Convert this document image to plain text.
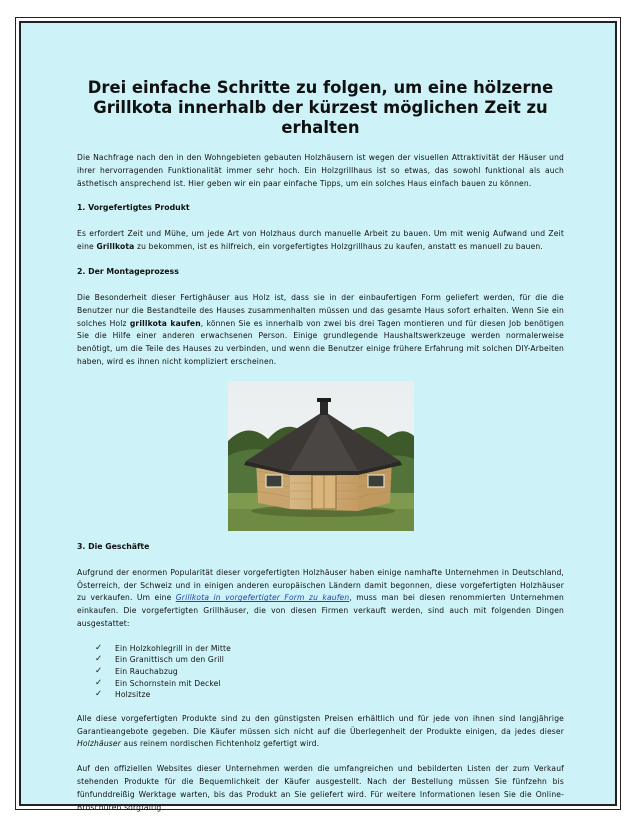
Drei einfache Schritte zu folgen, um eine hölzerne Grillkota innerhalb der kürzest möglichen Zeit zu erhalten

Die Nachfrage nach den in den Wohngebieten gebauten Holzhäusern ist wegen der visuellen Attraktivität der Häuser und ihrer hervorragenden Funktionalität immer sehr hoch. Ein Holzgrillhaus ist so etwas, das sowohl funktional als auch ästhetisch ansprechend ist. Hier geben wir ein paar einfache Tipps, um ein solches Haus einfach bauen zu können.

1. Vorgefertigtes Produkt

Es erfordert Zeit und Mühe, um jede Art von Holzhaus durch manuelle Arbeit zu bauen. Um mit wenig Aufwand und Zeit eine Grillkota zu bekommen, ist es hilfreich, ein vorgefertigtes Holzgrillhaus zu kaufen, anstatt es manuell zu bauen.

2. Der Montageprozess

Die Besonderheit dieser Fertighäuser aus Holz ist, dass sie in der einbaufertigen Form geliefert werden, für die die Benutzer nur die Bestandteile des Hauses zusammenhalten müssen und das gesamte Haus sofort erhalten. Wenn Sie ein solches Holz grillkota kaufen, können Sie es innerhalb von zwei bis drei Tagen montieren und für diesen Job benötigen Sie die Hilfe einer anderen erwachsenen Person. Einige grundlegende Haushaltswerkzeuge werden normalerweise benötigt, um die Teile des Hauses zu verbinden, und wenn die Benutzer einige frühere Erfahrung mit solchen DIY-Arbeiten haben, wird es ihnen nicht kompliziert erscheinen.

3. Die Geschäfte

Aufgrund der enormen Popularität dieser vorgefertigten Holzhäuser haben einige namhafte Unternehmen in Deutschland, Österreich, der Schweiz und in einigen anderen europäischen Ländern damit begonnen, diese vorgefertigten Holzhäuser zu verkaufen. Um eine Grillkota in vorgefertigter Form zu kaufen, muss man bei diesen renommierten Unternehmen einkaufen. Die vorgefertigten Grillhäuser, die von diesen Firmen verkauft werden, sind auch mit folgenden Dingen ausgestattet:

✓	Ein Holzkohlegrill in der Mitte
✓	Ein Granittisch um den Grill
✓	Ein Rauchabzug
✓	Ein Schornstein mit Deckel
✓	Holzsitze

Alle diese vorgefertigten Produkte sind zu den günstigsten Preisen erhältlich und für jede von ihnen sind langjährige Garantieangebote gegeben. Die Käufer müssen sich nicht auf die Überlegenheit der Produkte einigen, da jedes dieser Holzhäuser aus reinem nordischen Fichtenholz gefertigt wird.

Auf den offiziellen Websites dieser Unternehmen werden die umfangreichen und bebilderten Listen der zum Verkauf stehenden Produkte für die Bequemlichkeit der Käufer ausgestellt. Nach der Bestellung müssen Sie fünfzehn bis fünfunddreißig Werktage warten, bis das Produkt an Sie geliefert wird. Für weitere Informationen lesen Sie die Online-Broschüren sorgfältig.
